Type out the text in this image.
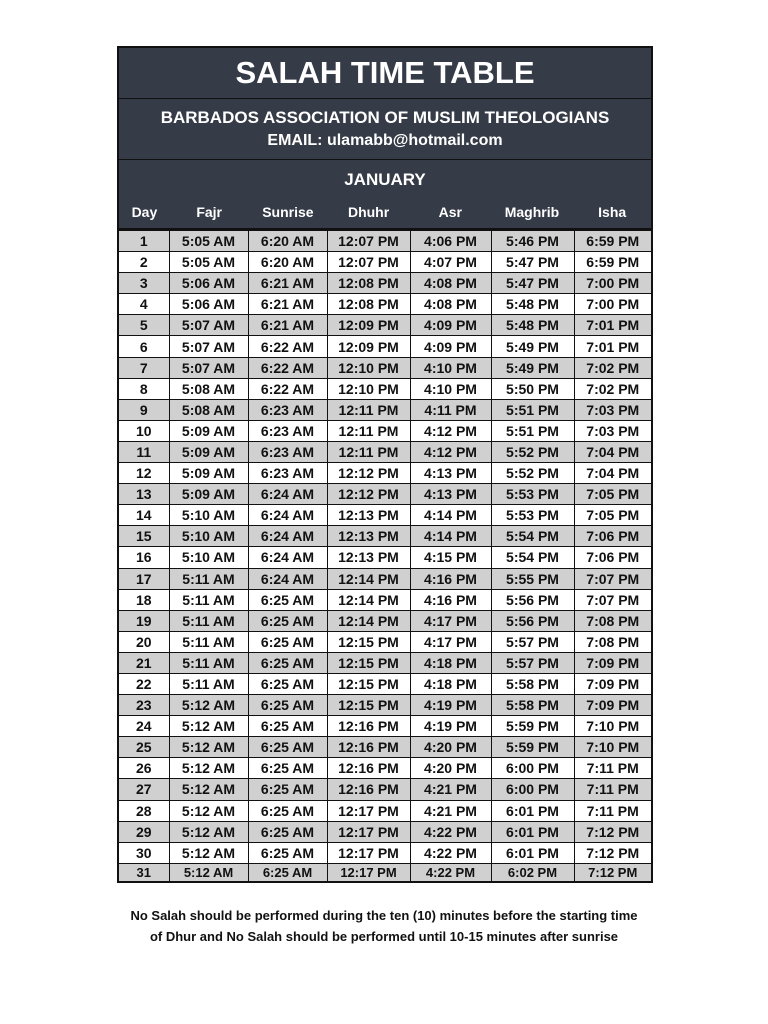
SALAH TIME TABLE
BARBADOS ASSOCIATION OF MUSLIM THEOLOGIANS
EMAIL: ulamabb@hotmail.com
JANUARY
Day	Fajr	Sunrise	Dhuhr	Asr	Maghrib	Isha
1	5:05 AM	6:20 AM	12:07 PM	4:06 PM	5:46 PM	6:59 PM
2	5:05 AM	6:20 AM	12:07 PM	4:07 PM	5:47 PM	6:59 PM
3	5:06 AM	6:21 AM	12:08 PM	4:08 PM	5:47 PM	7:00 PM
4	5:06 AM	6:21 AM	12:08 PM	4:08 PM	5:48 PM	7:00 PM
5	5:07 AM	6:21 AM	12:09 PM	4:09 PM	5:48 PM	7:01 PM
6	5:07 AM	6:22 AM	12:09 PM	4:09 PM	5:49 PM	7:01 PM
7	5:07 AM	6:22 AM	12:10 PM	4:10 PM	5:49 PM	7:02 PM
8	5:08 AM	6:22 AM	12:10 PM	4:10 PM	5:50 PM	7:02 PM
9	5:08 AM	6:23 AM	12:11 PM	4:11 PM	5:51 PM	7:03 PM
10	5:09 AM	6:23 AM	12:11 PM	4:12 PM	5:51 PM	7:03 PM
11	5:09 AM	6:23 AM	12:11 PM	4:12 PM	5:52 PM	7:04 PM
12	5:09 AM	6:23 AM	12:12 PM	4:13 PM	5:52 PM	7:04 PM
13	5:09 AM	6:24 AM	12:12 PM	4:13 PM	5:53 PM	7:05 PM
14	5:10 AM	6:24 AM	12:13 PM	4:14 PM	5:53 PM	7:05 PM
15	5:10 AM	6:24 AM	12:13 PM	4:14 PM	5:54 PM	7:06 PM
16	5:10 AM	6:24 AM	12:13 PM	4:15 PM	5:54 PM	7:06 PM
17	5:11 AM	6:24 AM	12:14 PM	4:16 PM	5:55 PM	7:07 PM
18	5:11 AM	6:25 AM	12:14 PM	4:16 PM	5:56 PM	7:07 PM
19	5:11 AM	6:25 AM	12:14 PM	4:17 PM	5:56 PM	7:08 PM
20	5:11 AM	6:25 AM	12:15 PM	4:17 PM	5:57 PM	7:08 PM
21	5:11 AM	6:25 AM	12:15 PM	4:18 PM	5:57 PM	7:09 PM
22	5:11 AM	6:25 AM	12:15 PM	4:18 PM	5:58 PM	7:09 PM
23	5:12 AM	6:25 AM	12:15 PM	4:19 PM	5:58 PM	7:09 PM
24	5:12 AM	6:25 AM	12:16 PM	4:19 PM	5:59 PM	7:10 PM
25	5:12 AM	6:25 AM	12:16 PM	4:20 PM	5:59 PM	7:10 PM
26	5:12 AM	6:25 AM	12:16 PM	4:20 PM	6:00 PM	7:11 PM
27	5:12 AM	6:25 AM	12:16 PM	4:21 PM	6:00 PM	7:11 PM
28	5:12 AM	6:25 AM	12:17 PM	4:21 PM	6:01 PM	7:11 PM
29	5:12 AM	6:25 AM	12:17 PM	4:22 PM	6:01 PM	7:12 PM
30	5:12 AM	6:25 AM	12:17 PM	4:22 PM	6:01 PM	7:12 PM
31	5:12 AM	6:25 AM	12:17 PM	4:22 PM	6:02 PM	7:12 PM
No Salah should be performed during the ten (10) minutes before the starting time
of Dhur and No Salah should be performed until 10-15 minutes after sunrise
